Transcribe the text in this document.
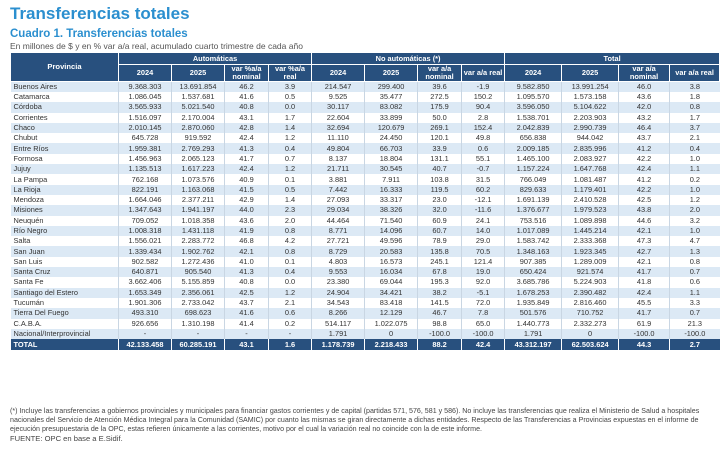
Transferencias totales
Cuadro 1. Transferencias totales
En millones de $ y en % var a/a real, acumulado cuarto trimestre de cada año
Provincia	Automáticas				No automáticas (*)				Total			
	2024	2025	var %a/a nominal	var %a/a real	2024	2025	var a/a nominal	var a/a real	2024	2025	var a/a nominal	var a/a real
Buenos Aires	9.368.303	13.691.854	46.2	3.9	214.547	299.400	39.6	-1.9	9.582.850	13.991.254	46.0	3.8
Catamarca	1.086.045	1.537.681	41.6	0.5	9.525	35.477	272.5	150.2	1.095.570	1.573.158	43.6	1.8
Córdoba	3.565.933	5.021.540	40.8	0.0	30.117	83.082	175.9	90.4	3.596.050	5.104.622	42.0	0.8
Corrientes	1.516.097	2.170.004	43.1	1.7	22.604	33.899	50.0	2.8	1.538.701	2.203.903	43.2	1.7
Chaco	2.010.145	2.870.060	42.8	1.4	32.694	120.679	269.1	152.4	2.042.839	2.990.739	46.4	3.7
Chubut	645.728	919.592	42.4	1.2	11.110	24.450	120.1	49.8	656.838	944.042	43.7	2.1
Entre Ríos	1.959.381	2.769.293	41.3	0.4	49.804	66.703	33.9	0.6	2.009.185	2.835.996	41.2	0.4
Formosa	1.456.963	2.065.123	41.7	0.7	8.137	18.804	131.1	55.1	1.465.100	2.083.927	42.2	1.0
Jujuy	1.135.513	1.617.223	42.4	1.2	21.711	30.545	40.7	-0.7	1.157.224	1.647.768	42.4	1.1
La Pampa	762.168	1.073.576	40.9	0.1	3.881	7.911	103.8	31.5	766.049	1.081.487	41.2	0.2
La Rioja	822.191	1.163.068	41.5	0.5	7.442	16.333	119.5	60.2	829.633	1.179.401	42.2	1.0
Mendoza	1.664.046	2.377.211	42.9	1.4	27.093	33.317	23.0	-12.1	1.691.139	2.410.528	42.5	1.2
Misiones	1.347.643	1.941.197	44.0	2.3	29.034	38.326	32.0	-11.6	1.376.677	1.979.523	43.8	2.0
Neuquén	709.052	1.018.358	43.6	2.0	44.464	71.540	60.9	24.1	753.516	1.089.898	44.6	3.2
Río Negro	1.008.318	1.431.118	41.9	0.8	8.771	14.096	60.7	14.0	1.017.089	1.445.214	42.1	1.0
Salta	1.556.021	2.283.772	46.8	4.2	27.721	49.596	78.9	29.0	1.583.742	2.333.368	47.3	4.7
San Juan	1.339.434	1.902.762	42.1	0.8	8.729	20.583	135.8	70.5	1.348.163	1.923.345	42.7	1.3
San Luis	902.582	1.272.436	41.0	0.1	4.803	16.573	245.1	121.4	907.385	1.289.009	42.1	0.8
Santa Cruz	640.871	905.540	41.3	0.4	9.553	16.034	67.8	19.0	650.424	921.574	41.7	0.7
Santa Fe	3.662.406	5.155.859	40.8	0.0	23.380	69.044	195.3	92.0	3.685.786	5.224.903	41.8	0.6
Santiago del Estero	1.653.349	2.356.061	42.5	1.2	24.904	34.421	38.2	-5.1	1.678.253	2.390.482	42.4	1.1
Tucumán	1.901.306	2.733.042	43.7	2.1	34.543	83.418	141.5	72.0	1.935.849	2.816.460	45.5	3.3
Tierra Del Fuego	493.310	698.623	41.6	0.6	8.266	12.129	46.7	7.8	501.576	710.752	41.7	0.7
C.A.B.A.	926.656	1.310.198	41.4	0.2	514.117	1.022.075	98.8	65.0	1.440.773	2.332.273	61.9	21.3
Nacional/Interprovincial	-	-	-	-	1.791	0	-100.0	-100.0	1.791	0	-100.0	-100.0
TOTAL	42.133.458	60.285.191	43.1	1.6	1.178.739	2.218.433	88.2	42.4	43.312.197	62.503.624	44.3	2.7
(*) Incluye las transferencias a gobiernos provinciales y municipales para financiar gastos corrientes y de capital (partidas 571, 576, 581 y 586). No incluye las transferencias que realiza el Ministerio de Salud a hospitales nacionales del Servicio de Atención Médica Integral para la Comunidad (SAMIC) por cuanto las mismas se giran directamente a dichas entidades. Respecto de las Transferencias a Provincias expuestas en el informe de ejecución presupuestaria de la OPC, estas refieren únicamente a las corrientes, motivo por el cual la variación real no coincide con la de este informe.
FUENTE: OPC en base a E.Sidif.
